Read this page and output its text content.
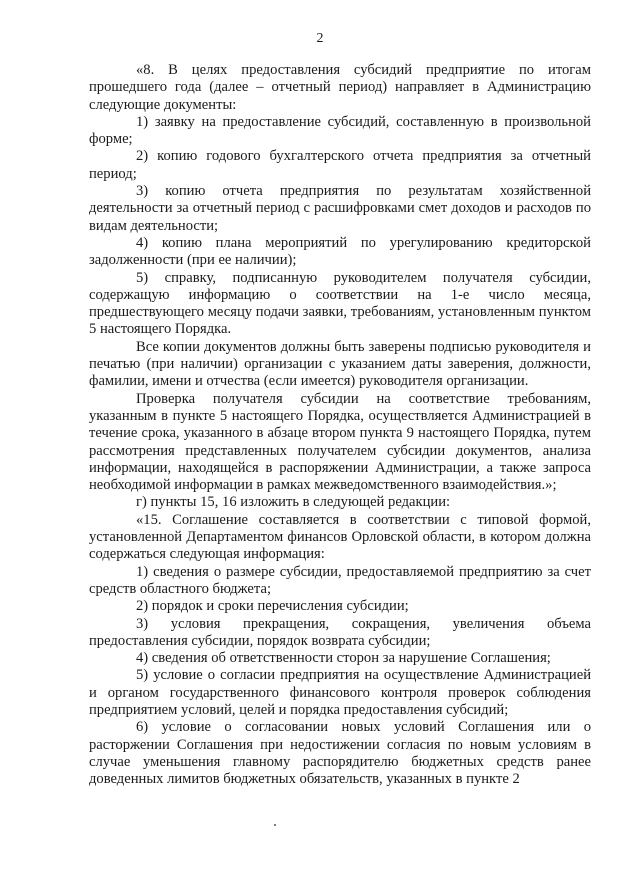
2

«8. В целях предоставления субсидий предприятие по итогам прошедшего года (далее – отчетный период) направляет в Администрацию следующие документы:

1) заявку на предоставление субсидий, составленную в произвольной форме;

2) копию годового бухгалтерского отчета предприятия за отчетный период;

3) копию отчета предприятия по результатам хозяйственной деятельности за отчетный период с расшифровками смет доходов и расходов по видам деятельности;

4) копию плана мероприятий по урегулированию кредиторской задолженности (при ее наличии);

5) справку, подписанную руководителем получателя субсидии, содержащую информацию о соответствии на 1-е число месяца, предшествующего месяцу подачи заявки, требованиям, установленным пунктом 5 настоящего Порядка.

Все копии документов должны быть заверены подписью руководителя и печатью (при наличии) организации с указанием даты заверения, должности, фамилии, имени и отчества (если имеется) руководителя организации.

Проверка получателя субсидии на соответствие требованиям, указанным в пункте 5 настоящего Порядка, осуществляется Администрацией в течение срока, указанного в абзаце втором пункта 9 настоящего Порядка, путем рассмотрения представленных получателем субсидии документов, анализа информации, находящейся в распоряжении Администрации, а также запроса необходимой информации в рамках межведомственного взаимодействия.»;

г) пункты 15, 16 изложить в следующей редакции:

«15. Соглашение составляется в соответствии с типовой формой, установленной Департаментом финансов Орловской области, в котором должна содержаться следующая информация:

1) сведения о размере субсидии, предоставляемой предприятию за счет средств областного бюджета;

2) порядок и сроки перечисления субсидии;

3) условия прекращения, сокращения, увеличения объема предоставления субсидии, порядок возврата субсидии;

4) сведения об ответственности сторон за нарушение Соглашения;

5) условие о согласии предприятия на осуществление Администрацией и органом государственного финансового контроля проверок соблюдения предприятием условий, целей и порядка предоставления субсидий;

6) условие о согласовании новых условий Соглашения или о расторжении Соглашения при недостижении согласия по новым условиям в случае уменьшения главному распорядителю бюджетных средств ранее доведенных лимитов бюджетных обязательств, указанных в пункте 2
